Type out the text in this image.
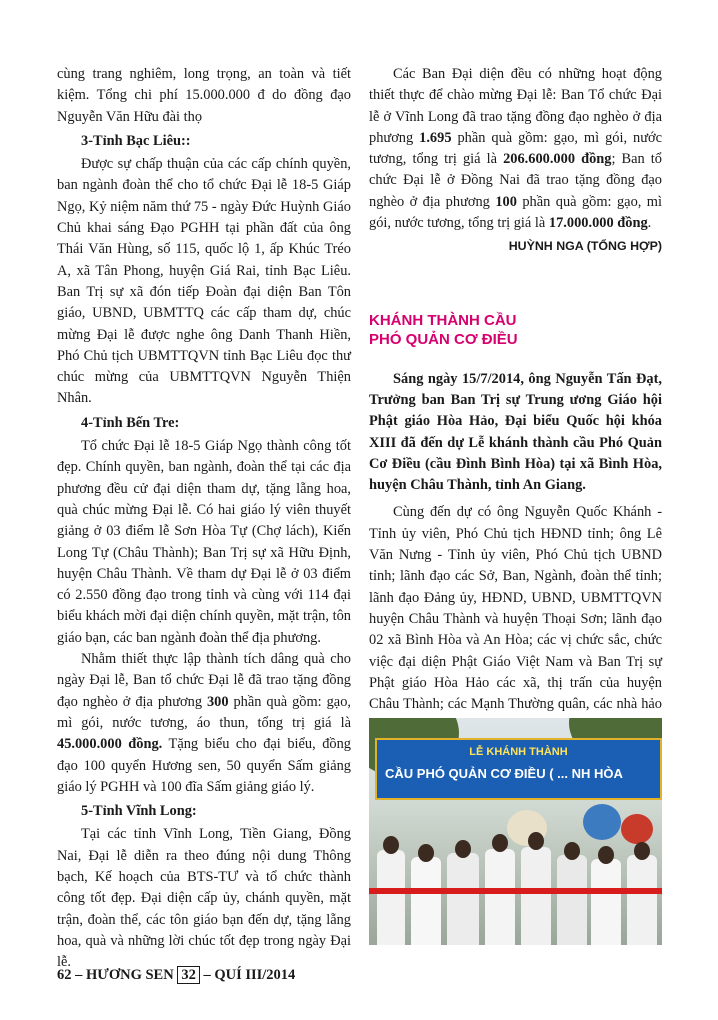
cùng trang nghiêm, long trọng, an toàn và tiết kiệm. Tổng chi phí 15.000.000 đ do đồng đạo Nguyễn Văn Hữu đài thọ

3-Tỉnh Bạc Liêu::

Được sự chấp thuận của các cấp chính quyền, ban ngành đoàn thể cho tổ chức Đại lễ 18-5 Giáp Ngọ, Kỷ niệm năm thứ 75 - ngày Đức Huỳnh Giáo Chủ khai sáng Đạo PGHH tại phần đất của ông Thái Văn Hùng, số 115, quốc lộ 1, ấp Khúc Tréo A, xã Tân Phong, huyện Giá Rai, tỉnh Bạc Liêu. Ban Trị sự xã đón tiếp Đoàn đại diện Ban Tôn giáo, UBND, UBMTTQ các cấp tham dự, chúc mừng Đại lễ được nghe ông Danh Thanh Hiền, Phó Chủ tịch UBMTTQVN tỉnh Bạc Liêu đọc thư chúc mừng của UBMTTQVN Nguyễn Thiện Nhân.

4-Tỉnh Bến Tre:

Tổ chức Đại lễ 18-5 Giáp Ngọ thành công tốt đẹp. Chính quyền, ban ngành, đoàn thể tại các địa phương đều cử đại diện tham dự, tặng lẵng hoa, quà chúc mừng Đại lễ. Có hai giáo lý viên thuyết giảng ở 03 điểm lễ Sơn Hòa Tự (Chợ lách), Kiến Long Tự (Châu Thành); Ban Trị sự xã Hữu Định, huyện Châu Thành. Về tham dự Đại lễ ở 03 điểm có 2.550 đồng đạo trong tỉnh và cùng với 114 đại biểu khách mời đại diện chính quyền, mặt trận, tôn giáo bạn, các ban ngành đoàn thể địa phương.

Nhằm thiết thực lập thành tích dâng quà cho ngày Đại lễ, Ban tổ chức Đại lễ đã trao tặng đồng đạo nghèo ở địa phương 300 phần quà gồm: gạo, mì gói, nước tương, áo thun, tổng trị giá là 45.000.000 đồng. Tặng biểu cho đại biểu, đồng đạo 100 quyển Hương sen, 50 quyển Sấm giảng giáo lý PGHH và 100 đĩa Sấm giảng giáo lý.

5-Tỉnh Vĩnh Long:

Tại các tỉnh Vĩnh Long, Tiền Giang, Đồng Nai, Đại lễ diễn ra theo đúng nội dung Thông bạch, Kế hoạch của BTS-TƯ và tổ chức thành công tốt đẹp. Đại diện cấp ủy, chánh quyền, mặt trận, đoàn thể, các tôn giáo bạn đến dự, tặng lẵng hoa, quà và những lời chúc tốt đẹp trong ngày Đại lễ.

Các Ban Đại diện đều có những hoạt động thiết thực để chào mừng Đại lễ: Ban Tổ chức Đại lễ ở Vĩnh Long đã trao tặng đồng đạo nghèo ở địa phương 1.695 phần quà gồm: gạo, mì gói, nước tương, tổng trị giá là 206.600.000 đồng; Ban tổ chức Đại lễ ở Đồng Nai đã trao tặng đồng đạo nghèo ở địa phương 100 phần quà gồm: gạo, mì gói, nước tương, tổng trị giá là 17.000.000 đồng.

HUỲNH NGA (TỔNG HỢP)

KHÁNH THÀNH CẦU
PHÓ QUẢN CƠ ĐIỀU

Sáng ngày 15/7/2014, ông Nguyễn Tấn Đạt, Trưởng ban Ban Trị sự Trung ương Giáo hội Phật giáo Hòa Hảo, Đại biểu Quốc hội khóa XIII đã đến dự Lễ khánh thành cầu Phó Quản Cơ Điều (cầu Đình Bình Hòa) tại xã Bình Hòa, huyện Châu Thành, tỉnh An Giang.

Cùng đến dự có ông Nguyễn Quốc Khánh - Tỉnh ủy viên, Phó Chủ tịch HĐND tỉnh; ông Lê Văn Nưng - Tỉnh ủy viên, Phó Chủ tịch UBND tỉnh; lãnh đạo các Sở, Ban, Ngành, đoàn thể tỉnh; lãnh đạo Đảng ủy, HĐND, UBND, UBMTTQVN huyện Châu Thành và huyện Thoại Sơn; lãnh đạo 02 xã Bình Hòa và An Hòa; các vị chức sắc, chức việc đại diện Phật Giáo Việt Nam và Ban Trị sự Phật giáo Hòa Hảo các xã, thị trấn của huyện Châu Thành; các Mạnh Thường quân, các nhà hảo

LỄ KHÁNH THÀNH
CẦU PHÓ QUẢN CƠ ĐIỀU ( ... NH HÒA
62 – HƯƠNG SEN 32 – QUÍ III/2014
